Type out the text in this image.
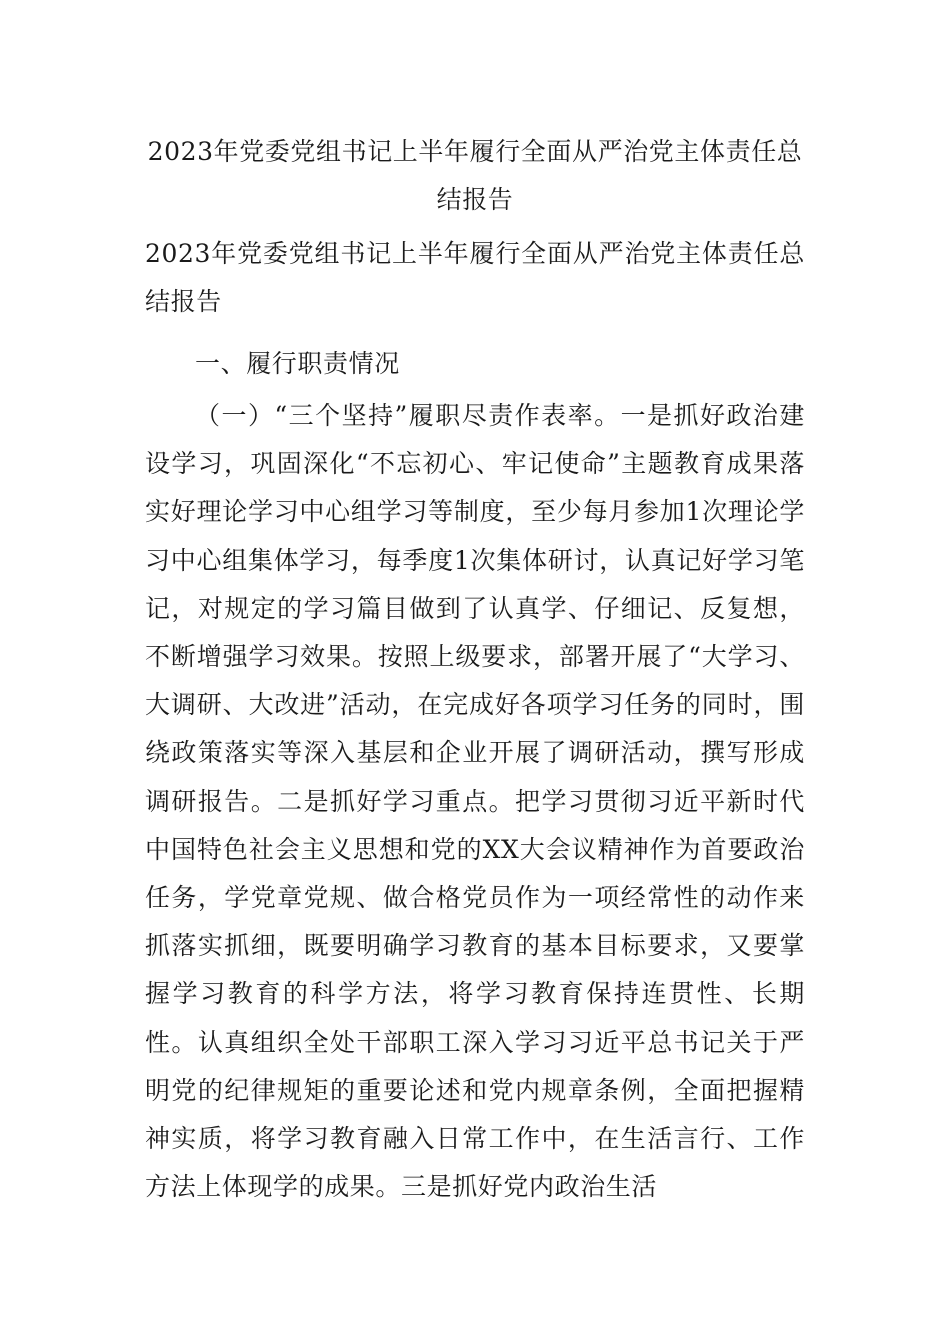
2023年党委党组书记上半年履行全面从严治党主体责任总结报告
2023年党委党组书记上半年履行全面从严治党主体责任总结报告
一、履行职责情况

（一）“三个坚持”履职尽责作表率。一是抓好政治建设学习，巩固深化“不忘初心、牢记使命”主题教育成果落实好理论学习中心组学习等制度，至少每月参加1次理论学习中心组集体学习，每季度1次集体研讨，认真记好学习笔记，对规定的学习篇目做到了认真学、仔细记、反复想，不断增强学习效果。按照上级要求，部署开展了“大学习、大调研、大改进”活动，在完成好各项学习任务的同时，围绕政策落实等深入基层和企业开展了调研活动，撰写形成调研报告。二是抓好学习重点。把学习贯彻习近平新时代中国特色社会主义思想和党的XX大会议精神作为首要政治任务，学党章党规、做合格党员作为一项经常性的动作来抓落实抓细，既要明确学习教育的基本目标要求，又要掌握学习教育的科学方法，将学习教育保持连贯性、长期性。认真组织全处干部职工深入学习习近平总书记关于严明党的纪律规矩的重要论述和党内规章条例，全面把握精神实质，将学习教育融入日常工作中，在生活言行、工作方法上体现学的成果。三是抓好党内政治生活
